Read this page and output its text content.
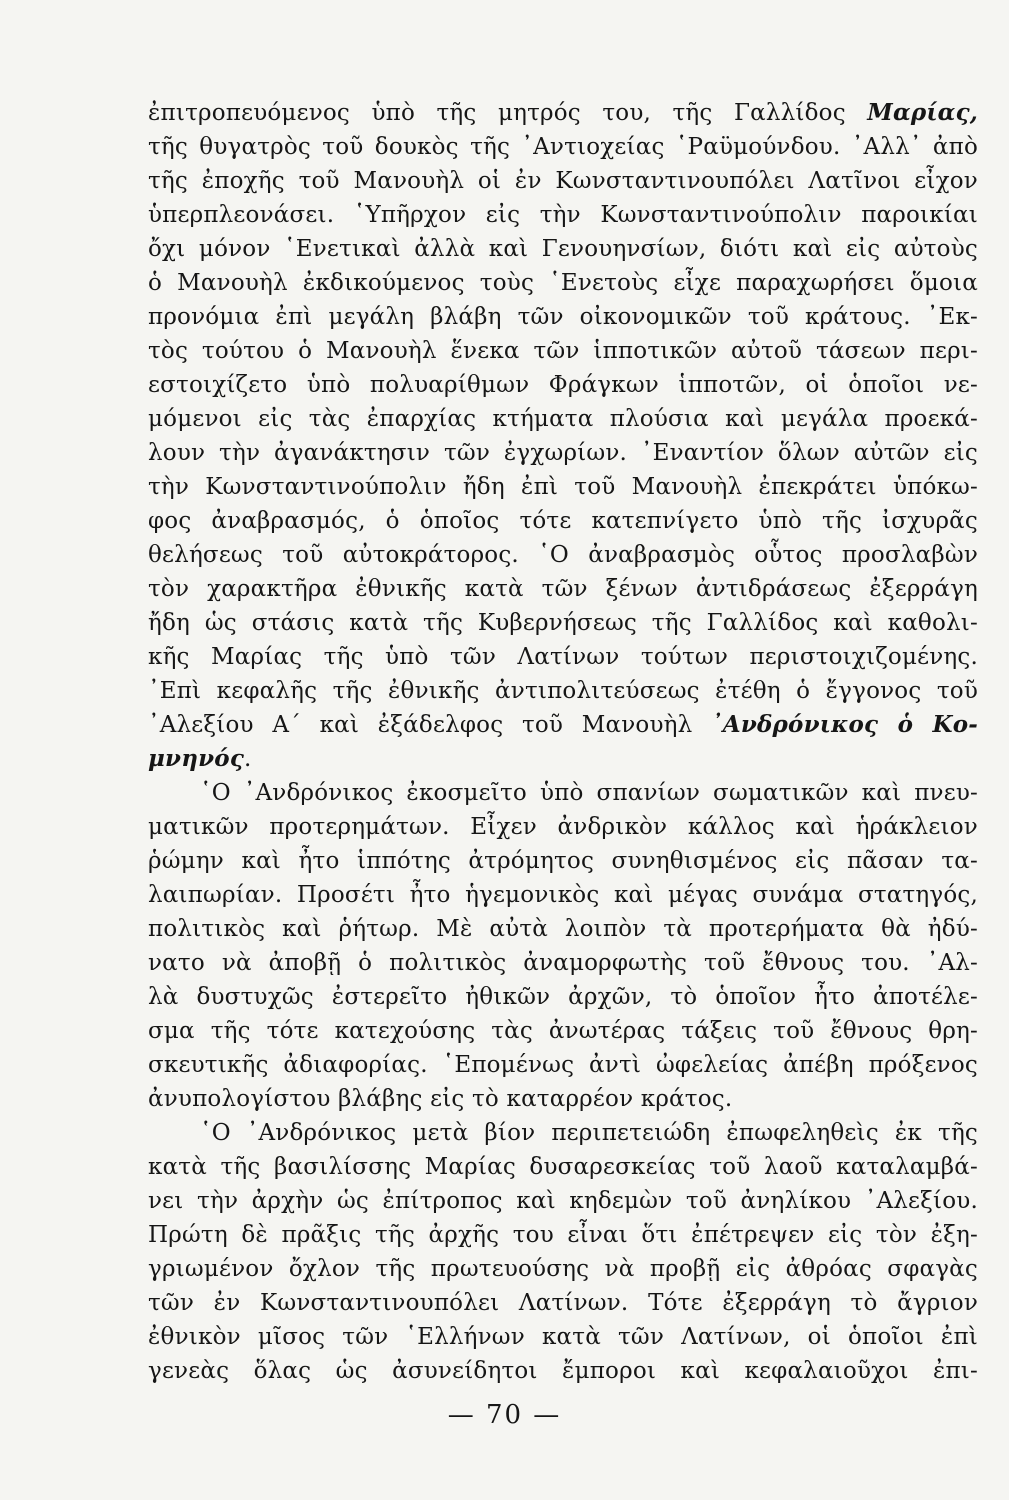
ἐπιτροπευόμενος ὑπὸ τῆς μητρός του, τῆς Γαλλίδος Μαρίας,
τῆς θυγατρὸς τοῦ δουκὸς τῆς ᾿Αντιοχείας ῾Ραϋμούνδου. ᾿Αλλ᾿ ἀπὸ
τῆς ἐποχῆς τοῦ Μανουὴλ οἱ ἐν Κωνσταντινουπόλει Λατῖνοι εἶχον
ὑπερπλεονάσει. ῾Υπῆρχον εἰς τὴν Κωνσταντινούπολιν παροικίαι
ὄχι μόνον ῾Ενετικαὶ ἀλλὰ καὶ Γενουηνσίων, διότι καὶ εἰς αὐτοὺς
ὁ Μανουὴλ ἐκδικούμενος τοὺς ῾Ενετοὺς εἶχε παραχωρήσει ὅμοια
προνόμια ἐπὶ μεγάλη βλάβη τῶν οἰκονομικῶν τοῦ κράτους. ᾿Εκ-
τὸς τούτου ὁ Μανουὴλ ἕνεκα τῶν ἱππoτικῶν αὐτοῦ τάσεων περι-
εστοιχίζετο ὑπὸ πολυαρίθμων Φράγκων ἱπποτῶν, οἱ ὁποῖοι νε-
μόμενοι εἰς τὰς ἐπαρχίας κτήματα πλούσια καὶ μεγάλα προεκά-
λουν τὴν ἀγανάκτησιν τῶν ἐγχωρίων. ᾿Εναντίον ὅλων αὐτῶν εἰς
τὴν Κωνσταντινούπολιν ἤδη ἐπὶ τοῦ Μανουὴλ ἐπεκράτει ὑπόκω-
φος ἀναβρασμός, ὁ ὁποῖος τότε κατεπνίγετο ὑπὸ τῆς ἰσχυρᾶς
θελήσεως τοῦ αὐτοκράτορος. ῾Ο ἀναβρασμὸς οὗτος προσλαβὼν
τὸν χαρακτῆρα ἐθνικῆς κατὰ τῶν ξένων ἀντιδράσεως ἐξερράγη
ἤδη ὡς στάσις κατὰ τῆς Κυβερνήσεως τῆς Γαλλίδος καὶ καθολι-
κῆς Μαρίας τῆς ὑπὸ τῶν Λατίνων τούτων περιστοιχιζομένης.
᾿Επὶ κεφαλῆς τῆς ἐθνικῆς ἀντιπολιτεύσεως ἐτέθη ὁ ἔγγονος τοῦ
᾿Αλεξίου Α΄ καὶ ἐξάδελφος τοῦ Μανουὴλ ᾿Ανδρόνικος ὁ Κο-
μνηνός.
῾Ο ᾿Ανδρόνικος ἐκοσμεῖτο ὑπὸ σπανίων σωματικῶν καὶ πνευ-
ματικῶν προτερημάτων. Εἶχεν ἀνδρικὸν κάλλος καὶ ἡράκλειον
ῥώμην καὶ ἦτο ἱππότης ἀτρόμητος συνηθισμένος εἰς πᾶσαν τα-
λαιπωρίαν. Προσέτι ἦτο ἡγεμονικὸς καὶ μέγας συνάμα στατηγός,
πολιτικὸς καὶ ῥήτωρ. Μὲ αὐτὰ λοιπὸν τὰ προτερήματα θὰ ἠδύ-
νατο νὰ ἀποβῇ ὁ πολιτικὸς ἀναμορφωτὴς τοῦ ἔθνους του. ᾿Αλ-
λὰ δυστυχῶς ἐστερεῖτο ἠθικῶν ἀρχῶν, τὸ ὁποῖον ἦτο ἀποτέλε-
σμα τῆς τότε κατεχούσης τὰς ἀνωτέρας τάξεις τοῦ ἔθνους θρη-
σκευτικῆς ἀδιαφορίας. ῾Επομένως ἀντὶ ὠφελείας ἀπέβη πρόξενος
ἀνυπολογίστου βλάβης εἰς τὸ καταρρέον κράτος.
῾Ο ᾿Ανδρόνικος μετὰ βίον περιπετειώδη ἐπωφεληθεὶς ἐκ τῆς
κατὰ τῆς βασιλίσσης Μαρίας δυσαρεσκείας τοῦ λαοῦ καταλαμβά-
νει τὴν ἀρχὴν ὡς ἐπίτροπος καὶ κηδεμὼν τοῦ ἀνηλίκου ᾿Αλεξίου.
Πρώτη δὲ πρᾶξις τῆς ἀρχῆς του εἶναι ὅτι ἐπέτρεψεν εἰς τὸν ἐξη-
γριωμένον ὄχλον τῆς πρωτευούσης νὰ προβῇ εἰς ἀθρόας σφαγὰς
τῶν ἐν Κωνσταντινουπόλει Λατίνων. Τότε ἐξερράγη τὸ ἄγριον
ἐθνικὸν μῖσος τῶν ῾Ελλήνων κατὰ τῶν Λατίνων, οἱ ὁποῖοι ἐπὶ
γενεὰς ὅλας ὡς ἀσυνείδητοι ἔμποροι καὶ κεφαλαιοῦχοι ἐπι-
— 70 —
